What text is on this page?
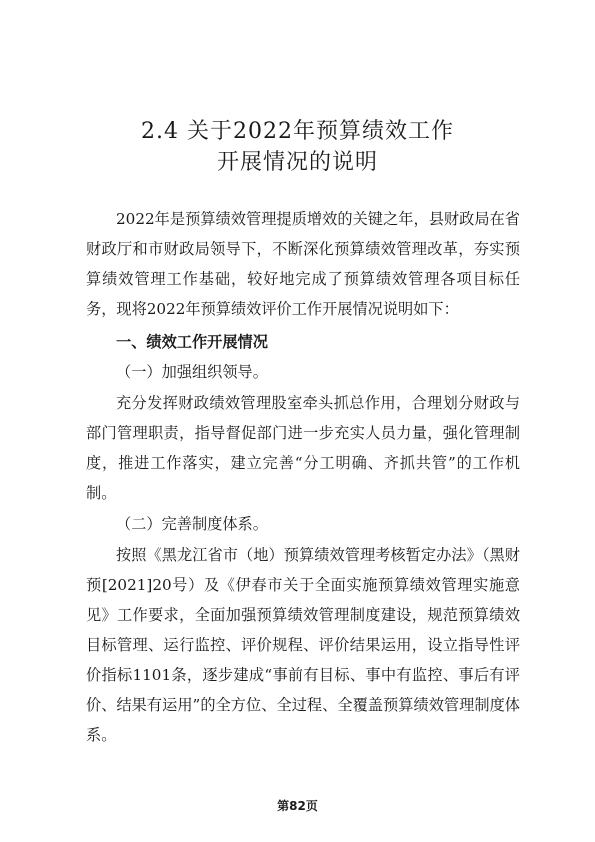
2.4 关于2022年预算绩效工作
开展情况的说明

2022年是预算绩效管理提质增效的关键之年，县财政局在省财政厅和市财政局领导下，不断深化预算绩效管理改革，夯实预算绩效管理工作基础，较好地完成了预算绩效管理各项目标任务，现将2022年预算绩效评价工作开展情况说明如下：

一、绩效工作开展情况

（一）加强组织领导。

充分发挥财政绩效管理股室牵头抓总作用，合理划分财政与部门管理职责，指导督促部门进一步充实人员力量，强化管理制度，推进工作落实，建立完善“分工明确、齐抓共管”的工作机制。

（二）完善制度体系。

按照《黑龙江省市（地）预算绩效管理考核暂定办法》（黑财预[2021]20号）及《伊春市关于全面实施预算绩效管理实施意见》工作要求，全面加强预算绩效管理制度建设，规范预算绩效目标管理、运行监控、评价规程、评价结果运用，设立指导性评价指标1101条，逐步建成“事前有目标、事中有监控、事后有评价、结果有运用”的全方位、全过程、全覆盖预算绩效管理制度体系。

第82页
